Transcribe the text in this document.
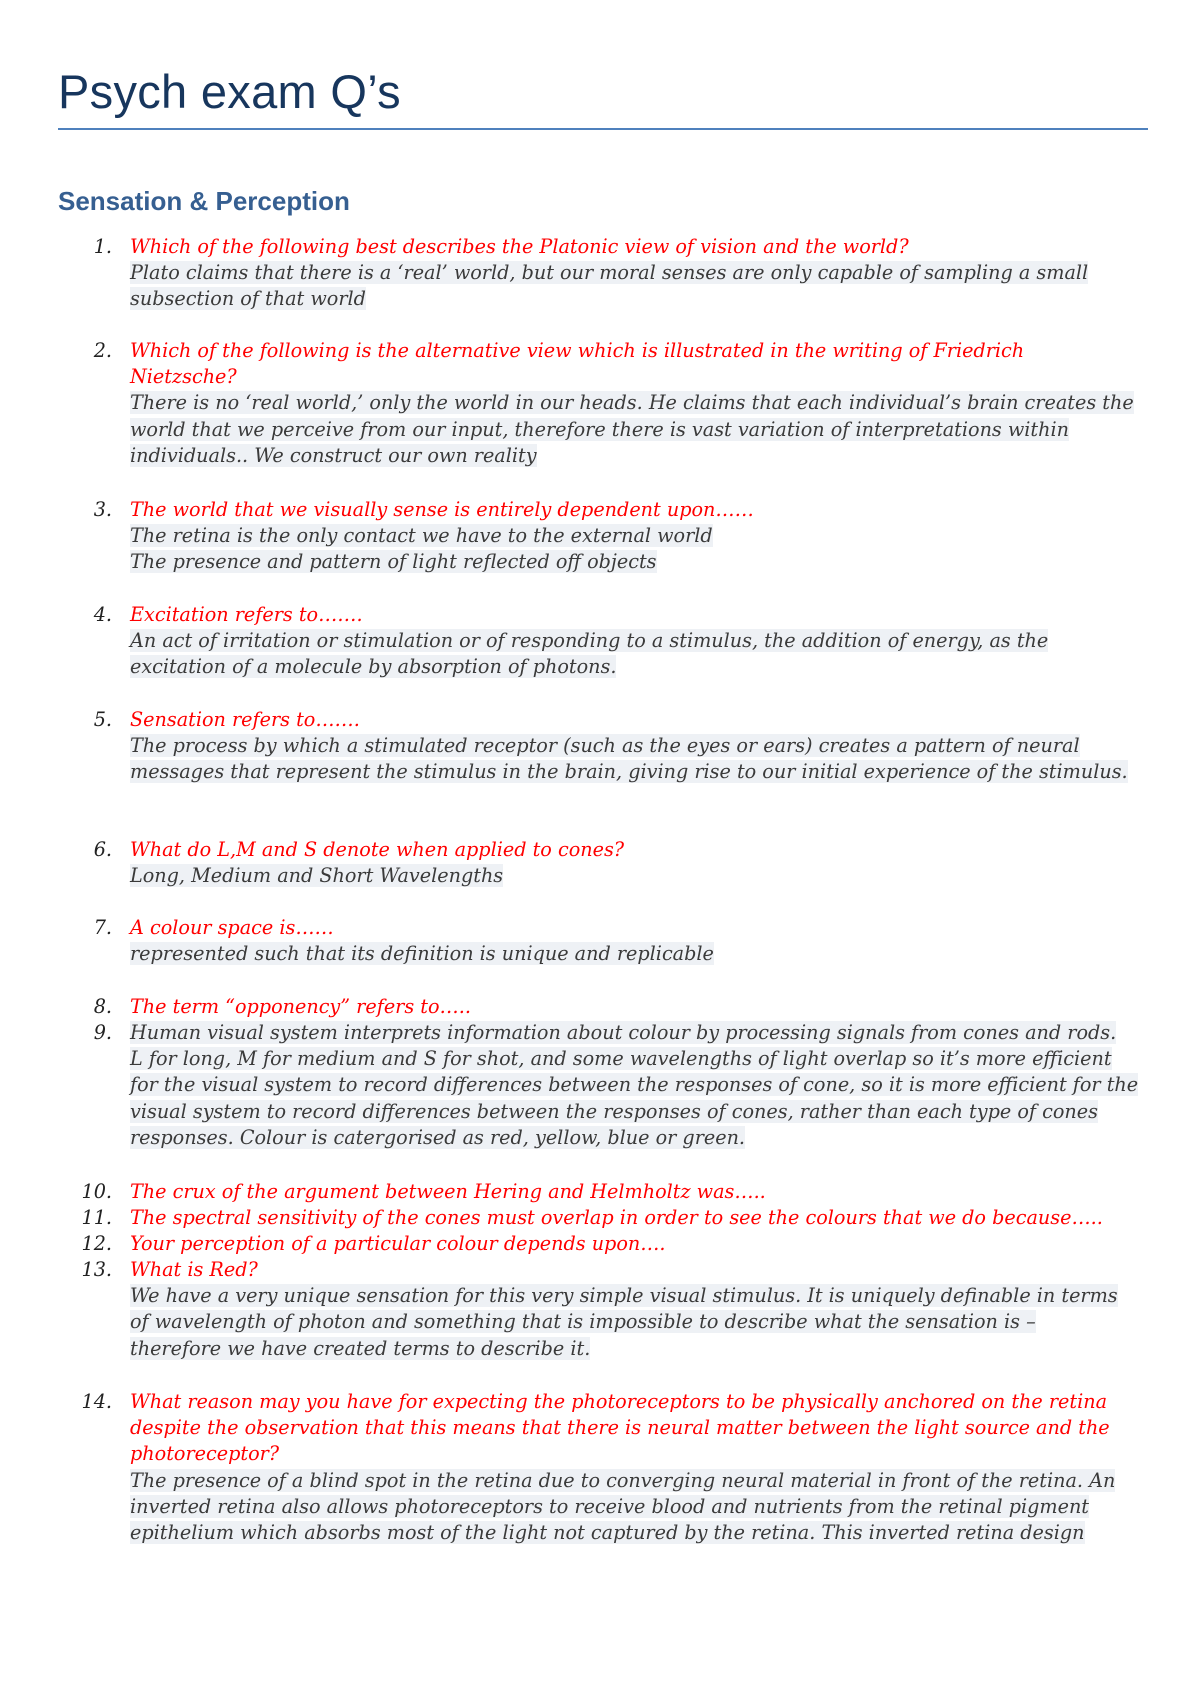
Psych exam Q’s
Sensation & Perception
1. Which of the following best describes the Platonic view of vision and the world?
Plato claims that there is a ‘real’ world, but our moral senses are only capable of sampling a small
subsection of that world
2. Which of the following is the alternative view which is illustrated in the writing of Friedrich
Nietzsche?
There is no ‘real world,’ only the world in our heads. He claims that each individual’s brain creates the
world that we perceive from our input, therefore there is vast variation of interpretations within
individuals.. We construct our own reality
3. The world that we visually sense is entirely dependent upon……
The retina is the only contact we have to the external world
The presence and pattern of light reflected off objects
4. Excitation refers to…….
An act of irritation or stimulation or of responding to a stimulus, the addition of energy, as the
excitation of a molecule by absorption of photons.
5. Sensation refers to…….
The process by which a stimulated receptor (such as the eyes or ears) creates a pattern of neural
messages that represent the stimulus in the brain, giving rise to our initial experience of the stimulus.
6. What do L,M and S denote when applied to cones?
Long, Medium and Short Wavelengths
7. A colour space is……
represented such that its definition is unique and replicable
8. The term “opponency” refers to…..
9. Human visual system interprets information about colour by processing signals from cones and rods.
L for long, M for medium and S for shot, and some wavelengths of light overlap so it’s more efficient
for the visual system to record differences between the responses of cone, so it is more efficient for the
visual system to record differences between the responses of cones, rather than each type of cones
responses. Colour is catergorised as red, yellow, blue or green.
10. The crux of the argument between Hering and Helmholtz was…..
11. The spectral sensitivity of the cones must overlap in order to see the colours that we do because…..
12. Your perception of a particular colour depends upon….
13. What is Red?
We have a very unique sensation for this very simple visual stimulus. It is uniquely definable in terms
of wavelength of photon and something that is impossible to describe what the sensation is –
therefore we have created terms to describe it.
14. What reason may you have for expecting the photoreceptors to be physically anchored on the retina
despite the observation that this means that there is neural matter between the light source and the
photoreceptor?
The presence of a blind spot in the retina due to converging neural material in front of the retina. An
inverted retina also allows photoreceptors to receive blood and nutrients from the retinal pigment
epithelium which absorbs most of the light not captured by the retina. This inverted retina design
